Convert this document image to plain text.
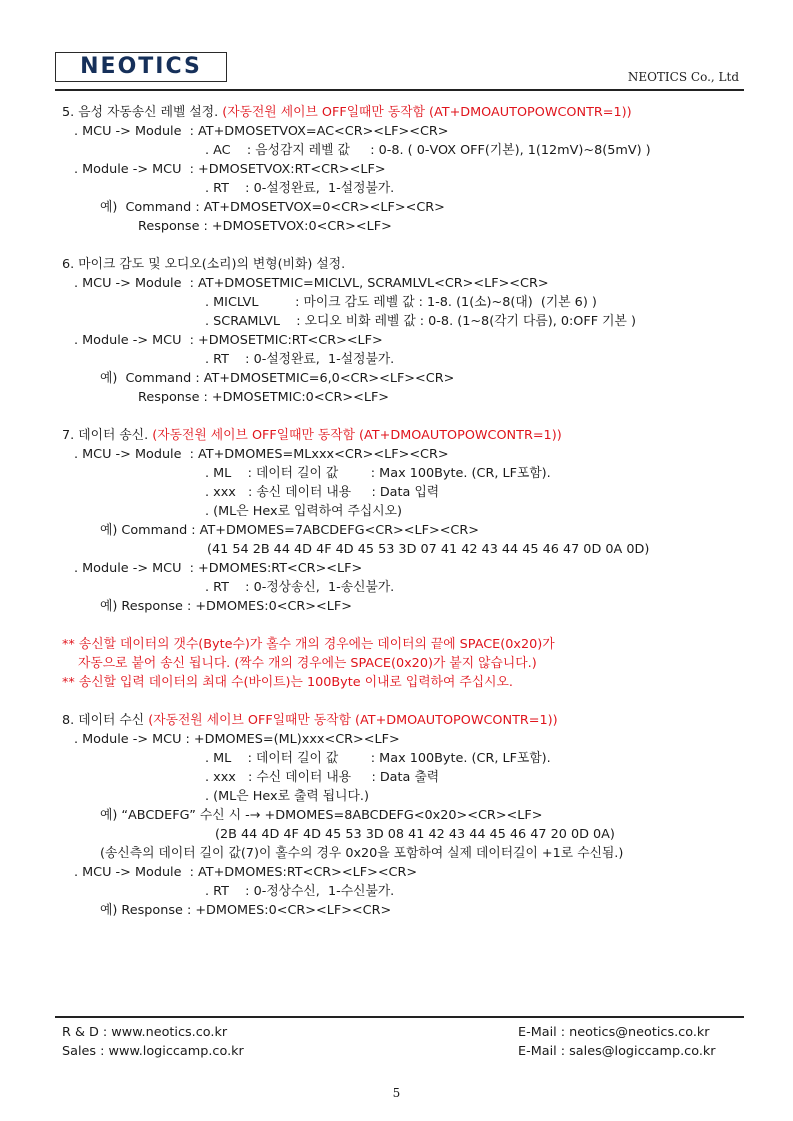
NEOTICS	NEOTICS Co., Ltd
5. 음성 자동송신 레벨 설정. (자동전원 세이브 OFF일때만 동작함 (AT+DMOAUTOPOWCONTR=1))
. MCU -> Module  : AT+DMOSETVOX=AC<CR><LF><CR>
. AC    : 음성감지 레벨 값     : 0-8. ( 0-VOX OFF(기본), 1(12mV)~8(5mV) )
. Module -> MCU  : +DMOSETVOX:RT<CR><LF>
. RT    : 0-설정완료,  1-설정불가.
예)  Command : AT+DMOSETVOX=0<CR><LF><CR>
Response : +DMOSETVOX:0<CR><LF>
6. 마이크 감도 및 오디오(소리)의 변형(비화) 설정.
. MCU -> Module  : AT+DMOSETMIC=MICLVL, SCRAMLVL<CR><LF><CR>
. MICLVL         : 마이크 감도 레벨 값 : 1-8. (1(소)~8(대)  (기본 6) )
. SCRAMLVL    : 오디오 비화 레벨 값 : 0-8. (1~8(각기 다름), 0:OFF 기본 )
. Module -> MCU  : +DMOSETMIC:RT<CR><LF>
. RT    : 0-설정완료,  1-설정불가.
예)  Command : AT+DMOSETMIC=6,0<CR><LF><CR>
Response : +DMOSETMIC:0<CR><LF>
7. 데이터 송신. (자동전원 세이브 OFF일때만 동작함 (AT+DMOAUTOPOWCONTR=1))
. MCU -> Module  : AT+DMOMES=MLxxx<CR><LF><CR>
. ML    : 데이터 길이 값        : Max 100Byte. (CR, LF포함).
. xxx   : 송신 데이터 내용     : Data 입력
. (ML은 Hex로 입력하여 주십시오)
예) Command : AT+DMOMES=7ABCDEFG<CR><LF><CR>
(41 54 2B 44 4D 4F 4D 45 53 3D 07 41 42 43 44 45 46 47 0D 0A 0D)
. Module -> MCU  : +DMOMES:RT<CR><LF>
. RT    : 0-정상송신,  1-송신불가.
예) Response : +DMOMES:0<CR><LF>
** 송신할 데이터의 갯수(Byte수)가 홀수 개의 경우에는 데이터의 끝에 SPACE(0x20)가
자동으로 붙어 송신 됩니다. (짝수 개의 경우에는 SPACE(0x20)가 붙지 않습니다.)
** 송신할 입력 데이터의 최대 수(바이트)는 100Byte 이내로 입력하여 주십시오.
8. 데이터 수신 (자동전원 세이브 OFF일때만 동작함 (AT+DMOAUTOPOWCONTR=1))
. Module -> MCU : +DMOMES=(ML)xxx<CR><LF>
. ML    : 데이터 길이 값        : Max 100Byte. (CR, LF포함).
. xxx   : 수신 데이터 내용     : Data 출력
. (ML은 Hex로 출력 됩니다.)
예) “ABCDEFG” 수신 시 -→ +DMOMES=8ABCDEFG<0x20><CR><LF>
(2B 44 4D 4F 4D 45 53 3D 08 41 42 43 44 45 46 47 20 0D 0A)
(송신측의 데이터 길이 값(7)이 홀수의 경우 0x20을 포함하여 실제 데이터길이 +1로 수신됨.)
. MCU -> Module  : AT+DMOMES:RT<CR><LF><CR>
. RT    : 0-정상수신,  1-수신불가.
예) Response : +DMOMES:0<CR><LF><CR>
R & D : www.neotics.co.kr
Sales : www.logiccamp.co.kr
E-Mail : neotics@neotics.co.kr
E-Mail : sales@logiccamp.co.kr
5
